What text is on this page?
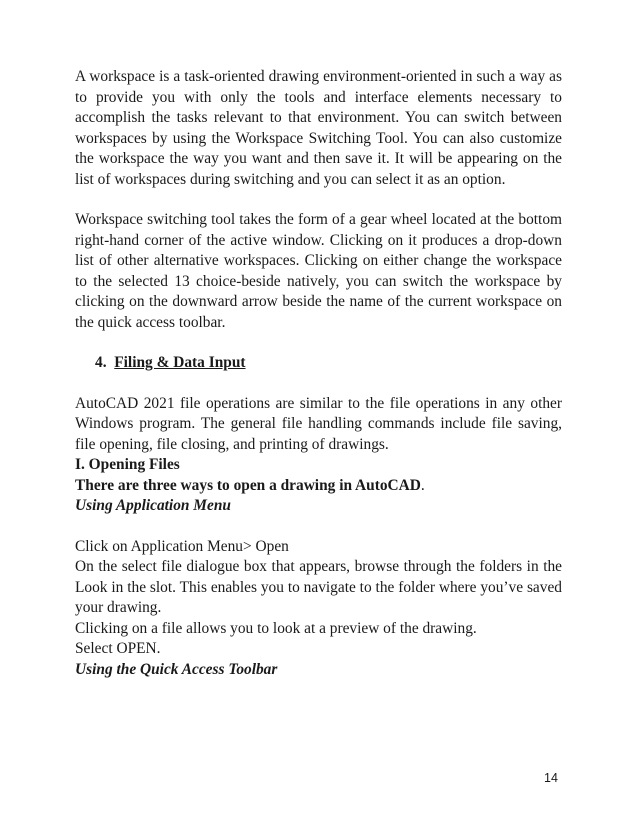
A workspace is a task-oriented drawing environment-oriented in such a way as to provide you with only the tools and interface elements necessary to accomplish the tasks relevant to that environment. You can switch between workspaces by using the Workspace Switching Tool. You can also customize the workspace the way you want and then save it. It will be appearing on the list of workspaces during switching and you can select it as an option.

Workspace switching tool takes the form of a gear wheel located at the bottom right-hand corner of the active window. Clicking on it produces a drop-down list of other alternative workspaces. Clicking on either change the workspace to the selected 13 choice-beside natively, you can switch the workspace by clicking on the downward arrow beside the name of the current workspace on the quick access toolbar.

4. Filing & Data Input

AutoCAD 2021 file operations are similar to the file operations in any other Windows program. The general file handling commands include file saving, file opening, file closing, and printing of drawings.

I. Opening Files

There are three ways to open a drawing in AutoCAD.

Using Application Menu

Click on Application Menu> Open

On the select file dialogue box that appears, browse through the folders in the Look in the slot. This enables you to navigate to the folder where you’ve saved your drawing.

Clicking on a file allows you to look at a preview of the drawing.

Select OPEN.

Using the Quick Access Toolbar

14
